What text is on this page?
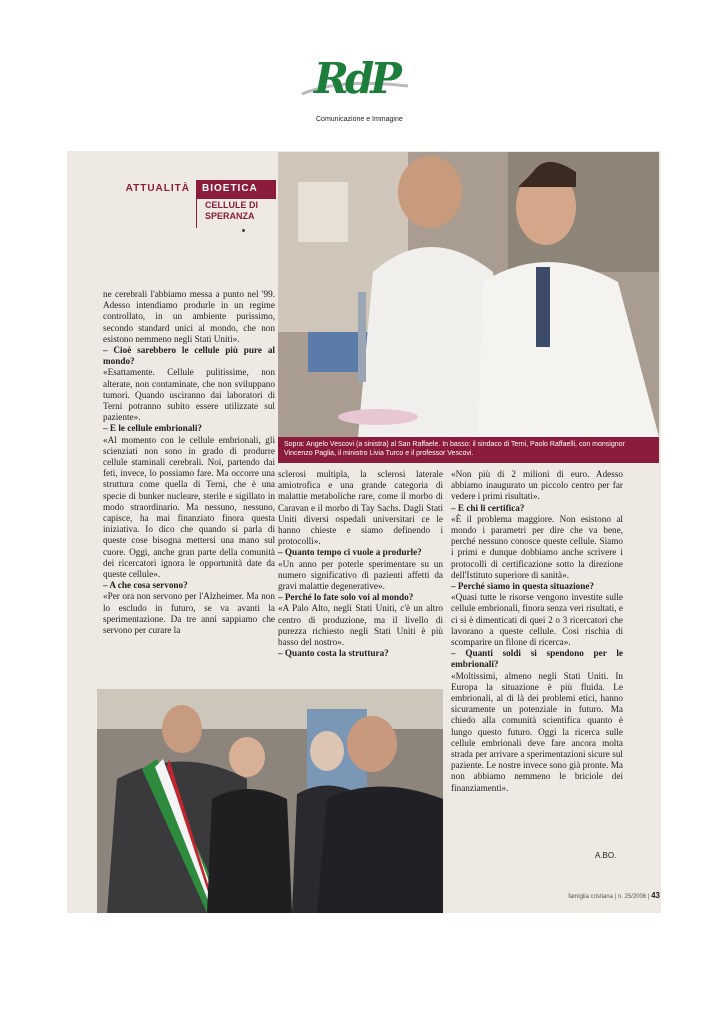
RdP
Comunicazione e Immagine
ATTUALITÀ	BIOETICA
CELLULE DI SPERANZA
Sopra: Angelo Vescovi (a sinistra) al San Raffaele. In basso: il sindaco di Terni, Paolo Raffaelli, con monsignor Vincenzo Paglia, il ministro Livia Turco e il professor Vescovi.

ne cerebrali l'abbiamo messa a punto nel '99. Adesso intendiamo produrle in un regime controllato, in un ambiente purissimo, secondo standard unici al mondo, che non esistono nemmeno negli Stati Uniti».

– Cioè sarebbero le cellule più pure al mondo?

«Esattamente. Cellule pulitissime, non alterate, non contaminate, che non sviluppano tumori. Quando usciranno dai laboratori di Terni potranno subito essere utilizzate sul paziente».

– E le cellule embrionali?

«Al momento con le cellule embrionali, gli scienziati non sono in grado di produrre cellule staminali cerebrali. Noi, partendo dai feti, invece, lo possiamo fare. Ma occorre una struttura come quella di Terni, che è una specie di bunker nucleare, sterile e sigillato in modo straordinario. Ma nessuno, nessuno, capisce, ha mai finanziato finora questa iniziativa. Io dico che quando si parla di queste cose bisogna mettersi una mano sul cuore. Oggi, anche gran parte della comunità dei ricercatori ignora le opportunità date da queste cellule».

– A che cosa servono?

«Per ora non servono per l'Alzheimer. Ma non lo escludo in futuro, se va avanti la sperimentazione. Da tre anni sappiamo che servono per curare la

sclerosi multipla, la sclerosi laterale amiotrofica e una grande categoria di malattie metaboliche rare, come il morbo di Caravan e il morbo di Tay Sachs. Dagli Stati Uniti diversi ospedali universitari ce le hanno chieste e siamo definendo i protocolli».

– Quanto tempo ci vuole a produrle?

«Un anno per poterle sperimentare su un numero significativo di pazienti affetti da gravi malattie degenerative».

– Perché lo fate solo voi al mondo?

«A Palo Alto, negli Stati Uniti, c'è un altro centro di produzione, ma il livello di purezza richiesto negli Stati Uniti è più basso del nostro».

– Quanto costa la struttura?

«Non più di 2 milioni di euro. Adesso abbiamo inaugurato un piccolo centro per far vedere i primi risultati».

– E chi li certifica?

«È il problema maggiore. Non esistono al mondo i parametri per dire che va bene, perché nessuno conosce queste cellule. Siamo i primi e dunque dobbiamo anche scrivere i protocolli di certificazione sotto la direzione dell'Istituto superiore di sanità».

– Perché siamo in questa situazione?

«Quasi tutte le risorse vengono investite sulle cellule embrionali, finora senza veri risultati, e ci si è dimenticati di quei 2 o 3 ricercatori che lavorano a queste cellule. Così rischia di scomparire un filone di ricerca».

– Quanti soldi si spendono per le embrionali?

«Moltissimi, almeno negli Stati Uniti. In Europa la situazione è più fluida. Le embrionali, al di là dei problemi etici, hanno sicuramente un potenziale in futuro. Ma chiedo alla comunità scientifica quanto è lungo questo futuro. Oggi la ricerca sulle cellule embrionali deve fare ancora molta strada per arrivare a sperimentazioni sicure sul paziente. Le nostre invece sono già pronte. Ma non abbiamo nemmeno le briciole dei finanziamenti».

A.BO.
famiglia cristiana | n. 25/2006 | 43
